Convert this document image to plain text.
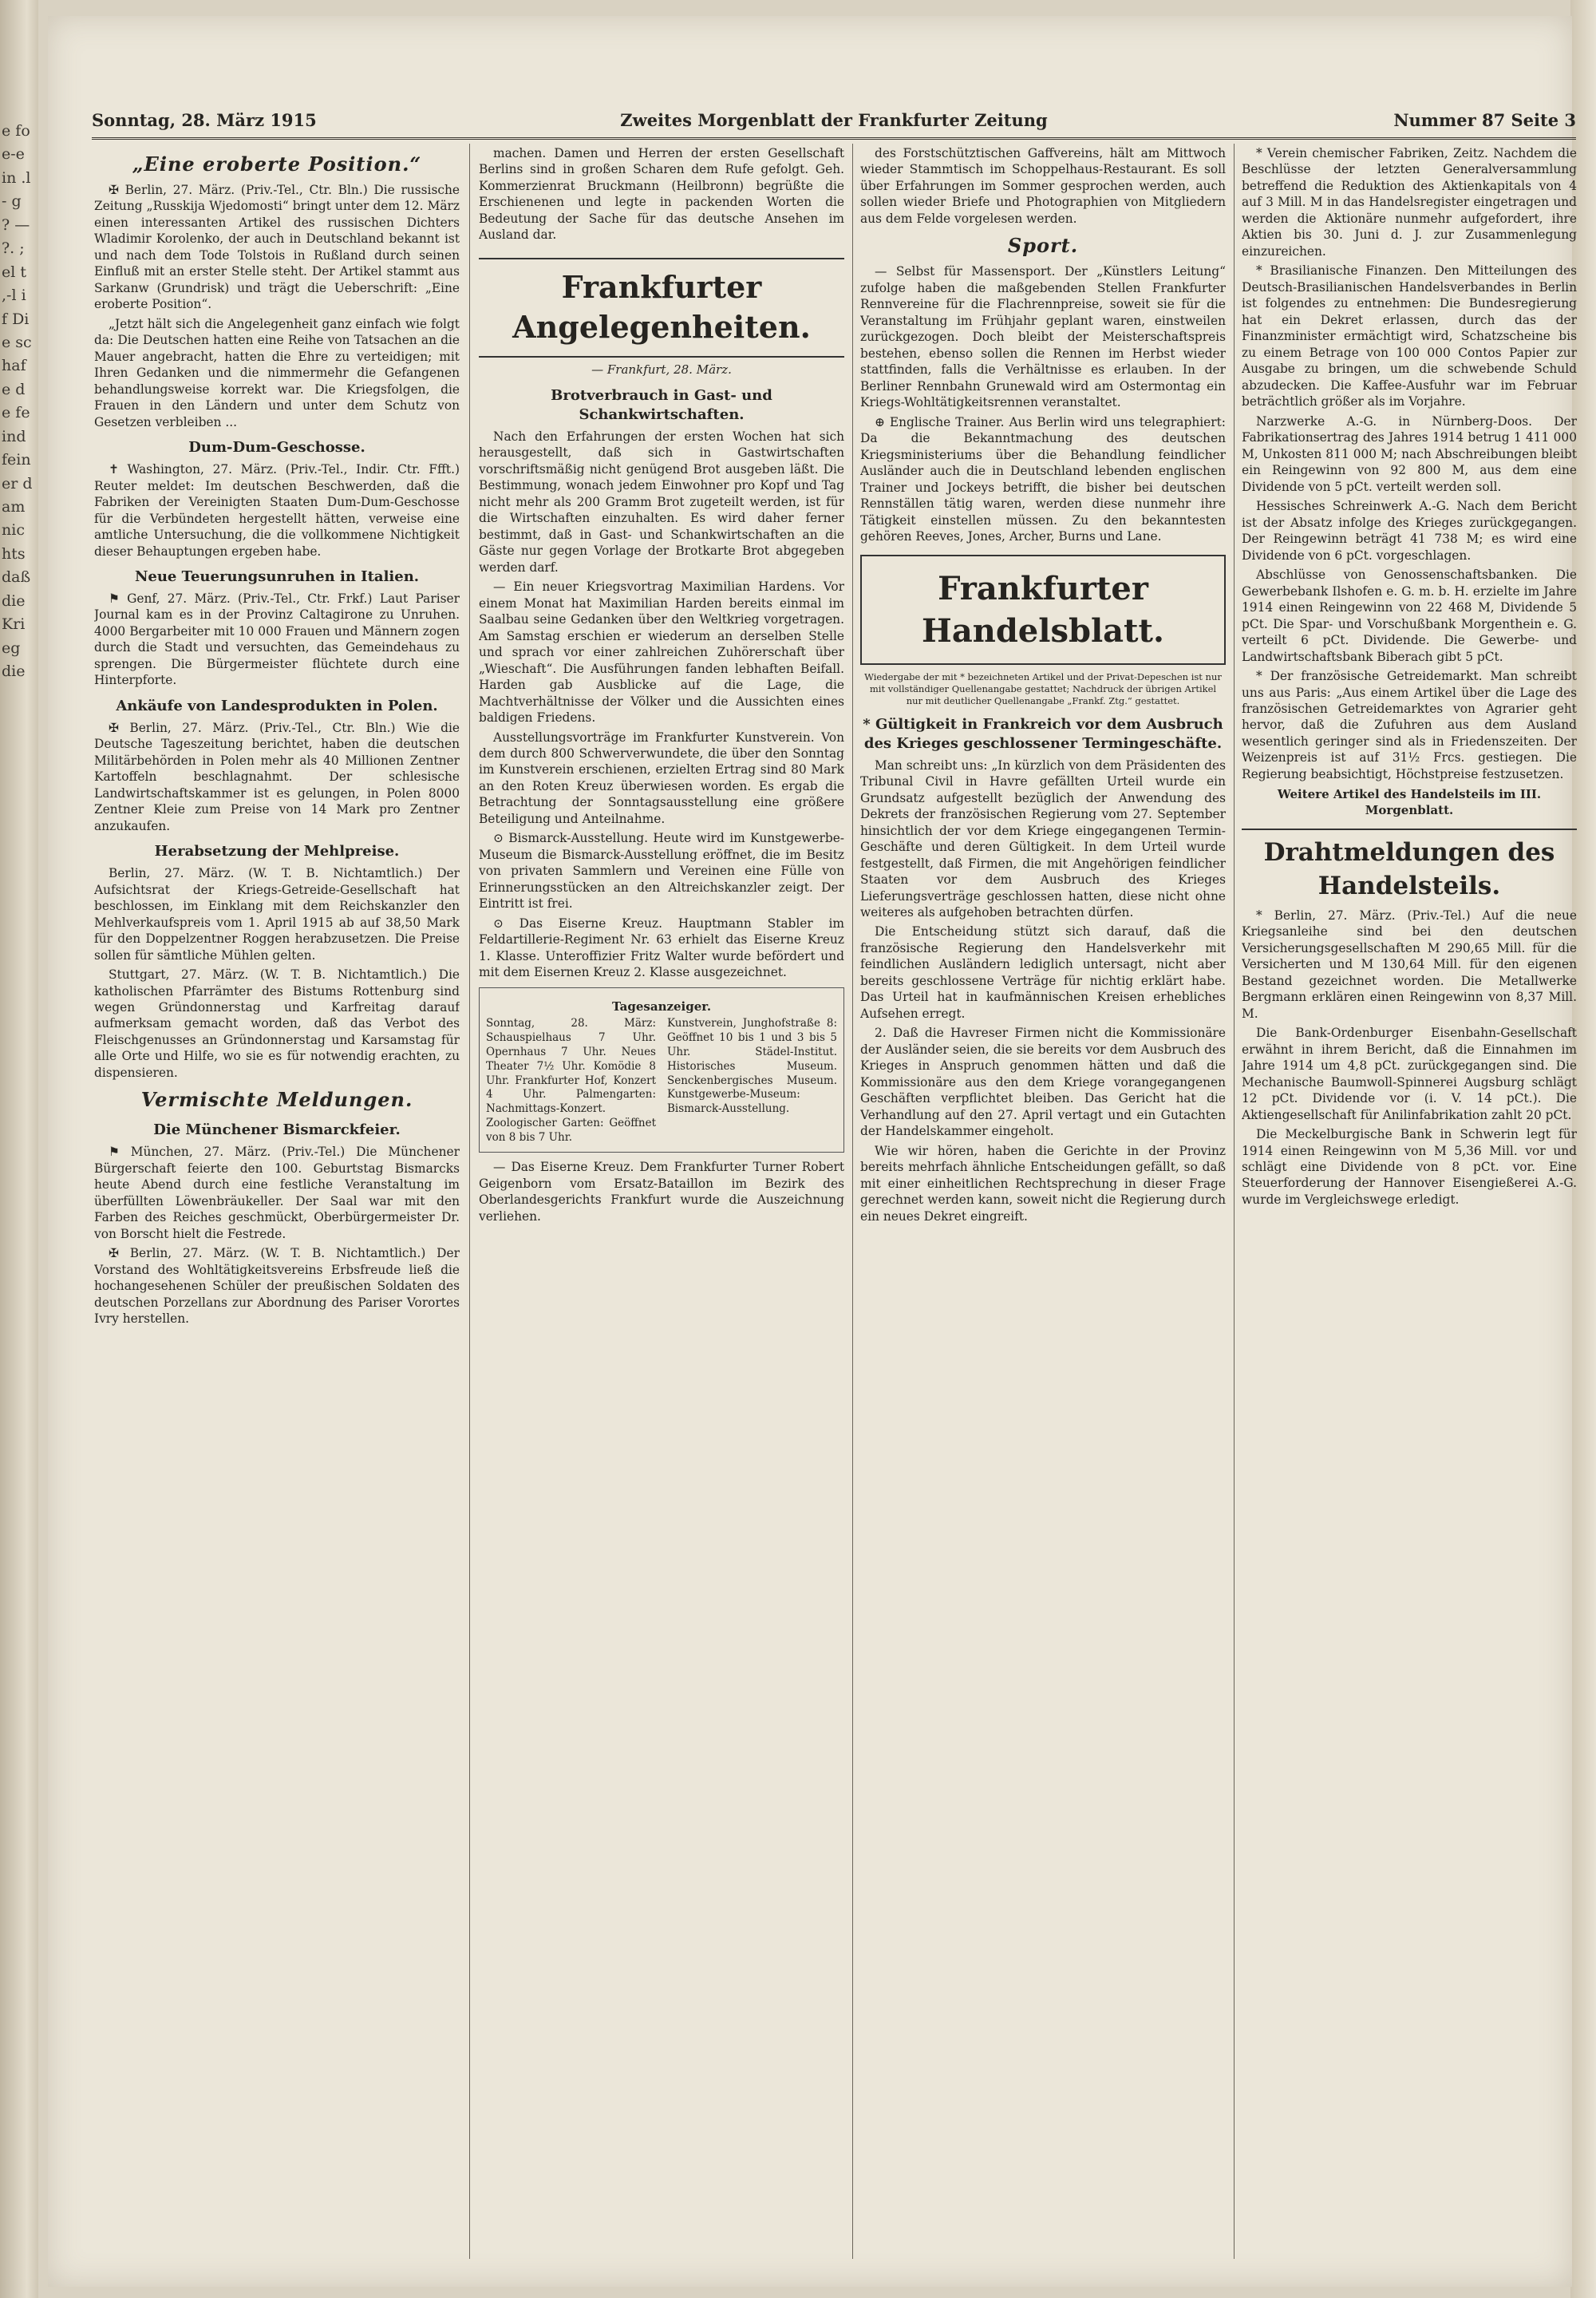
e fo e-e in .l- g ? — ?. ; el t ,-l i f Die schafe de feind feiner dam nichts daß die Krieg die
Zweites Morgenblatt der Frankfurter Zeitung
Sonntag, 28. März 1915	Nummer 87 Seite 3
„Eine eroberte Position.“

✠ Berlin, 27. März. (Priv.-Tel., Ctr. Bln.) Die russische Zeitung „Russkija Wjedomosti“ bringt unter dem 12. März einen interessanten Artikel des russischen Dichters Wladimir Korolenko, der auch in Deutschland bekannt ist und nach dem Tode Tolstois in Rußland durch seinen Einfluß mit an erster Stelle steht. Der Artikel stammt aus Sarkanw (Grundrisk) und trägt die Ueberschrift: „Eine eroberte Position“.

„Jetzt hält sich die Angelegenheit ganz einfach wie folgt da: Die Deutschen hatten eine Reihe von Tatsachen an die Mauer angebracht, hatten die Ehre zu verteidigen; mit Ihren Gedanken und die nimmermehr die Gefangenen behandlungsweise korrekt war. Die Kriegsfolgen, die Frauen in den Ländern und unter dem Schutz von Gesetzen verbleiben ...

Dum-Dum-Geschosse.

✝ Washington, 27. März. (Priv.-Tel., Indir. Ctr. Ffft.) Reuter meldet: Im deutschen Beschwerden, daß die Fabriken der Vereinigten Staaten Dum-Dum-Geschosse für die Verbündeten hergestellt hätten, verweise eine amtliche Untersuchung, die die vollkommene Nichtigkeit dieser Behauptungen ergeben habe.

Neue Teuerungsunruhen in Italien.

⚑ Genf, 27. März. (Priv.-Tel., Ctr. Frkf.) Laut Pariser Journal kam es in der Provinz Caltagirone zu Unruhen. 4000 Bergarbeiter mit 10 000 Frauen und Männern zogen durch die Stadt und versuchten, das Gemeindehaus zu sprengen. Die Bürgermeister flüchtete durch eine Hinterpforte.

Ankäufe von Landesprodukten in Polen.

✠ Berlin, 27. März. (Priv.-Tel., Ctr. Bln.) Wie die Deutsche Tageszeitung berichtet, haben die deutschen Militärbehörden in Polen mehr als 40 Millionen Zentner Kartoffeln beschlagnahmt. Der schlesische Landwirtschaftskammer ist es gelungen, in Polen 8000 Zentner Kleie zum Preise von 14 Mark pro Zentner anzukaufen.

Herabsetzung der Mehlpreise.

Berlin, 27. März. (W. T. B. Nichtamtlich.) Der Aufsichtsrat der Kriegs-Getreide-Gesellschaft hat beschlossen, im Einklang mit dem Reichskanzler den Mehlverkaufspreis vom 1. April 1915 ab auf 38,50 Mark für den Doppelzentner Roggen herabzusetzen. Die Preise sollen für sämtliche Mühlen gelten.

Stuttgart, 27. März. (W. T. B. Nichtamtlich.) Die katholischen Pfarrämter des Bistums Rottenburg sind wegen Gründonnerstag und Karfreitag darauf aufmerksam gemacht worden, daß das Verbot des Fleischgenusses an Gründonnerstag und Karsamstag für alle Orte und Hilfe, wo sie es für notwendig erachten, zu dispensieren.

Vermischte Meldungen.
Die Münchener Bismarckfeier.

⚑ München, 27. März. (Priv.-Tel.) Die Münchener Bürgerschaft feierte den 100. Geburtstag Bismarcks heute Abend durch eine festliche Veranstaltung im überfüllten Löwenbräukeller. Der Saal war mit den Farben des Reiches geschmückt, Oberbürgermeister Dr. von Borscht hielt die Festrede.

✠ Berlin, 27. März. (W. T. B. Nichtamtlich.) Der Vorstand des Wohltätigkeitsvereins Erbsfreude ließ die hochangesehenen Schüler der preußischen Soldaten des deutschen Porzellans zur Abordnung des Pariser Vorortes Ivry herstellen.

machen. Damen und Herren der ersten Gesellschaft Berlins sind in großen Scharen dem Rufe gefolgt. Geh. Kommerzienrat Bruckmann (Heilbronn) begrüßte die Erschienenen und legte in packenden Worten die Bedeutung der Sache für das deutsche Ansehen im Ausland dar.

Frankfurter Angelegenheiten.
— Frankfurt, 28. März.
Brotverbrauch in Gast- und Schankwirtschaften.

Nach den Erfahrungen der ersten Wochen hat sich herausgestellt, daß sich in Gastwirtschaften vorschriftsmäßig nicht genügend Brot ausgeben läßt. Die Bestimmung, wonach jedem Einwohner pro Kopf und Tag nicht mehr als 200 Gramm Brot zugeteilt werden, ist für die Wirtschaften einzuhalten. Es wird daher ferner bestimmt, daß in Gast- und Schankwirtschaften an die Gäste nur gegen Vorlage der Brotkarte Brot abgegeben werden darf.

— Ein neuer Kriegsvortrag Maximilian Hardens. Vor einem Monat hat Maximilian Harden bereits einmal im Saalbau seine Gedanken über den Weltkrieg vorgetragen. Am Samstag erschien er wiederum an derselben Stelle und sprach vor einer zahlreichen Zuhörerschaft über „Wieschaft“. Die Ausführungen fanden lebhaften Beifall. Harden gab Ausblicke auf die Lage, die Machtverhältnisse der Völker und die Aussichten eines baldigen Friedens.

Ausstellungsvorträge im Frankfurter Kunstverein. Von dem durch 800 Schwerverwundete, die über den Sonntag im Kunstverein erschienen, erzielten Ertrag sind 80 Mark an den Roten Kreuz überwiesen worden. Es ergab die Betrachtung der Sonntagsausstellung eine größere Beteiligung und Anteilnahme.

⊙ Bismarck-Ausstellung. Heute wird im Kunstgewerbe-Museum die Bismarck-Ausstellung eröffnet, die im Besitz von privaten Sammlern und Vereinen eine Fülle von Erinnerungsstücken an den Altreichskanzler zeigt. Der Eintritt ist frei.

⊙ Das Eiserne Kreuz. Hauptmann Stabler im Feldartillerie-Regiment Nr. 63 erhielt das Eiserne Kreuz 1. Klasse. Unteroffizier Fritz Walter wurde befördert und mit dem Eisernen Kreuz 2. Klasse ausgezeichnet.

Tagesanzeiger.
Sonntag, 28. März: Schauspielhaus 7 Uhr. Opernhaus 7 Uhr. Neues Theater 7½ Uhr. Komödie 8 Uhr. Frankfurter Hof, Konzert 4 Uhr. Palmengarten: Nachmittags-Konzert. Zoologischer Garten: Geöffnet von 8 bis 7 Uhr.
Kunstverein, Junghofstraße 8: Geöffnet 10 bis 1 und 3 bis 5 Uhr. Städel-Institut. Historisches Museum. Senckenbergisches Museum. Kunstgewerbe-Museum: Bismarck-Ausstellung.

— Das Eiserne Kreuz. Dem Frankfurter Turner Robert Geigenborn vom Ersatz-Bataillon im Bezirk des Oberlandesgerichts Frankfurt wurde die Auszeichnung verliehen.

des Forstschütztischen Gaffvereins, hält am Mittwoch wieder Stammtisch im Schoppelhaus-Restaurant. Es soll über Erfahrungen im Sommer gesprochen werden, auch sollen wieder Briefe und Photographien von Mitgliedern aus dem Felde vorgelesen werden.

Sport.

— Selbst für Massensport. Der „Künstlers Leitung“ zufolge haben die maßgebenden Stellen Frankfurter Rennvereine für die Flachrennpreise, soweit sie für die Veranstaltung im Frühjahr geplant waren, einstweilen zurückgezogen. Doch bleibt der Meisterschaftspreis bestehen, ebenso sollen die Rennen im Herbst wieder stattfinden, falls die Verhältnisse es erlauben. In der Berliner Rennbahn Grunewald wird am Ostermontag ein Kriegs-Wohltätigkeitsrennen veranstaltet.

⊕ Englische Trainer. Aus Berlin wird uns telegraphiert: Da die Bekanntmachung des deutschen Kriegsministeriums über die Behandlung feindlicher Ausländer auch die in Deutschland lebenden englischen Trainer und Jockeys betrifft, die bisher bei deutschen Rennställen tätig waren, werden diese nunmehr ihre Tätigkeit einstellen müssen. Zu den bekanntesten gehören Reeves, Jones, Archer, Burns und Lane.

Frankfurter Handelsblatt.
Wiedergabe der mit * bezeichneten Artikel und der Privat-Depeschen ist nur mit vollständiger Quellenangabe gestattet; Nachdruck der übrigen Artikel nur mit deutlicher Quellenangabe „Frankf. Ztg.“ gestattet.
* Gültigkeit in Frankreich vor dem Ausbruch des Krieges geschlossener Termingeschäfte.

Man schreibt uns: „In kürzlich von dem Präsidenten des Tribunal Civil in Havre gefällten Urteil wurde ein Grundsatz aufgestellt bezüglich der Anwendung des Dekrets der französischen Regierung vom 27. September hinsichtlich der vor dem Kriege eingegangenen Termin-Geschäfte und deren Gültigkeit. In dem Urteil wurde festgestellt, daß Firmen, die mit Angehörigen feindlicher Staaten vor dem Ausbruch des Krieges Lieferungsverträge geschlossen hatten, diese nicht ohne weiteres als aufgehoben betrachten dürfen.

Die Entscheidung stützt sich darauf, daß die französische Regierung den Handelsverkehr mit feindlichen Ausländern lediglich untersagt, nicht aber bereits geschlossene Verträge für nichtig erklärt habe. Das Urteil hat in kaufmännischen Kreisen erhebliches Aufsehen erregt.

2. Daß die Havreser Firmen nicht die Kommissionäre der Ausländer seien, die sie bereits vor dem Ausbruch des Krieges in Anspruch genommen hätten und daß die Kommissionäre aus den dem Kriege vorangegangenen Geschäften verpflichtet bleiben. Das Gericht hat die Verhandlung auf den 27. April vertagt und ein Gutachten der Handelskammer eingeholt.

Wie wir hören, haben die Gerichte in der Provinz bereits mehrfach ähnliche Entscheidungen gefällt, so daß mit einer einheitlichen Rechtsprechung in dieser Frage gerechnet werden kann, soweit nicht die Regierung durch ein neues Dekret eingreift.

* Verein chemischer Fabriken, Zeitz. Nachdem die Beschlüsse der letzten Generalversammlung betreffend die Reduktion des Aktienkapitals von 4 auf 3 Mill. M in das Handelsregister eingetragen und werden die Aktionäre nunmehr aufgefordert, ihre Aktien bis 30. Juni d. J. zur Zusammenlegung einzureichen.

* Brasilianische Finanzen. Den Mitteilungen des Deutsch-Brasilianischen Handelsverbandes in Berlin ist folgendes zu entnehmen: Die Bundesregierung hat ein Dekret erlassen, durch das der Finanzminister ermächtigt wird, Schatzscheine bis zu einem Betrage von 100 000 Contos Papier zur Ausgabe zu bringen, um die schwebende Schuld abzudecken. Die Kaffee-Ausfuhr war im Februar beträchtlich größer als im Vorjahre.

Narzwerke A.-G. in Nürnberg-Doos. Der Fabrikationsertrag des Jahres 1914 betrug 1 411 000 M, Unkosten 811 000 M; nach Abschreibungen bleibt ein Reingewinn von 92 800 M, aus dem eine Dividende von 5 pCt. verteilt werden soll.

Hessisches Schreinwerk A.-G. Nach dem Bericht ist der Absatz infolge des Krieges zurückgegangen. Der Reingewinn beträgt 41 738 M; es wird eine Dividende von 6 pCt. vorgeschlagen.

Abschlüsse von Genossenschaftsbanken. Die Gewerbebank Ilshofen e. G. m. b. H. erzielte im Jahre 1914 einen Reingewinn von 22 468 M, Dividende 5 pCt. Die Spar- und Vorschußbank Morgenthein e. G. verteilt 6 pCt. Dividende. Die Gewerbe- und Landwirtschaftsbank Biberach gibt 5 pCt.

* Der französische Getreidemarkt. Man schreibt uns aus Paris: „Aus einem Artikel über die Lage des französischen Getreidemarktes von Agrarier geht hervor, daß die Zufuhren aus dem Ausland wesentlich geringer sind als in Friedenszeiten. Der Weizenpreis ist auf 31½ Frcs. gestiegen. Die Regierung beabsichtigt, Höchstpreise festzusetzen.

Weitere Artikel des Handelsteils im III. Morgenblatt.
Drahtmeldungen des Handelsteils.

* Berlin, 27. März. (Priv.-Tel.) Auf die neue Kriegsanleihe sind bei den deutschen Versicherungsgesellschaften M 290,65 Mill. für die Versicherten und M 130,64 Mill. für den eigenen Bestand gezeichnet worden. Die Metallwerke Bergmann erklären einen Reingewinn von 8,37 Mill. M.

Die Bank-Ordenburger Eisenbahn-Gesellschaft erwähnt in ihrem Bericht, daß die Einnahmen im Jahre 1914 um 4,8 pCt. zurückgegangen sind. Die Mechanische Baumwoll-Spinnerei Augsburg schlägt 12 pCt. Dividende vor (i. V. 14 pCt.). Die Aktiengesellschaft für Anilinfabrikation zahlt 20 pCt.

Die Meckelburgische Bank in Schwerin legt für 1914 einen Reingewinn von M 5,36 Mill. vor und schlägt eine Dividende von 8 pCt. vor. Eine Steuerforderung der Hannover Eisengießerei A.-G. wurde im Vergleichswege erledigt.
